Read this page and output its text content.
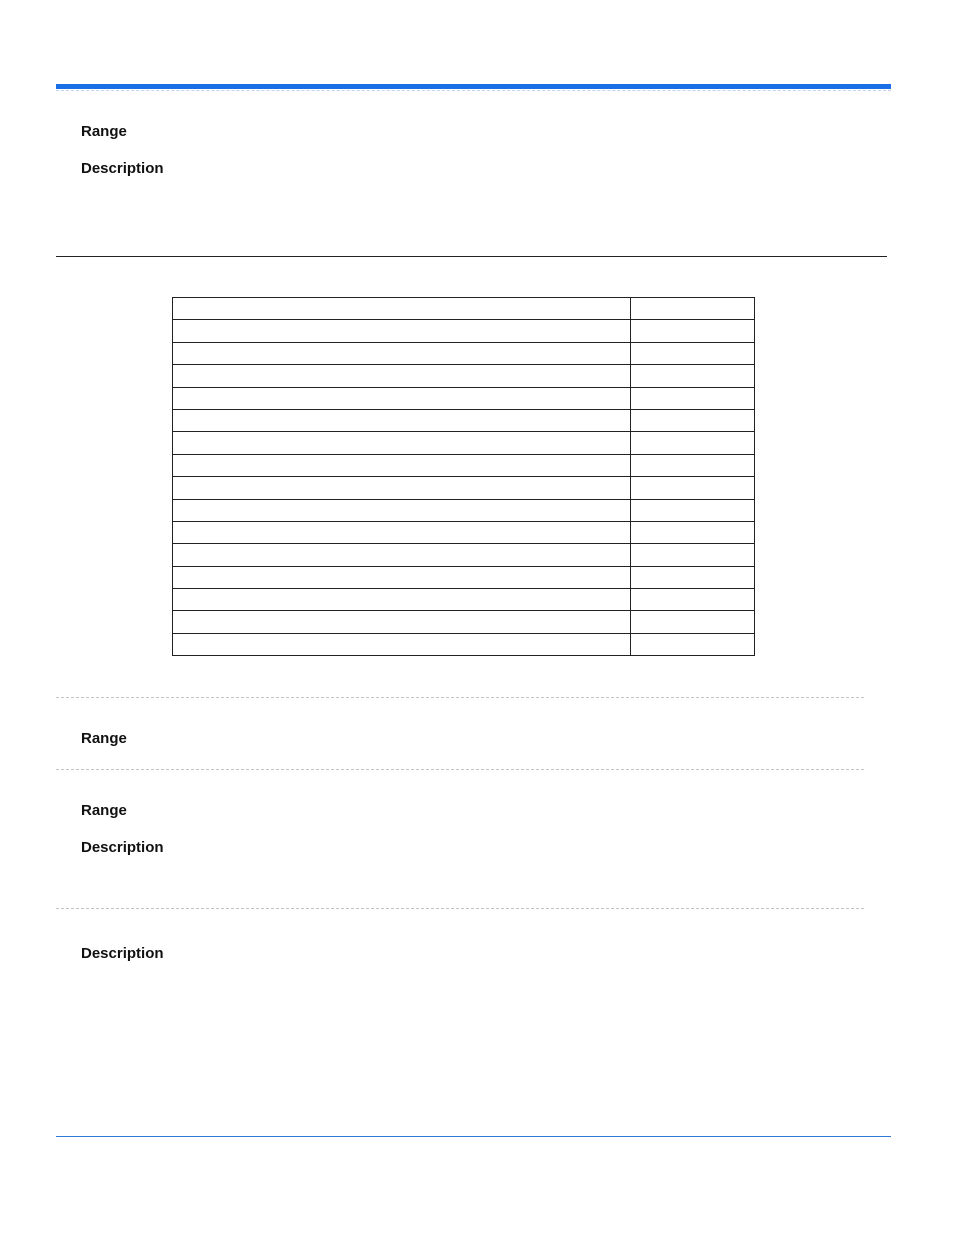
Range
Description

Range
Range
Description
Description
